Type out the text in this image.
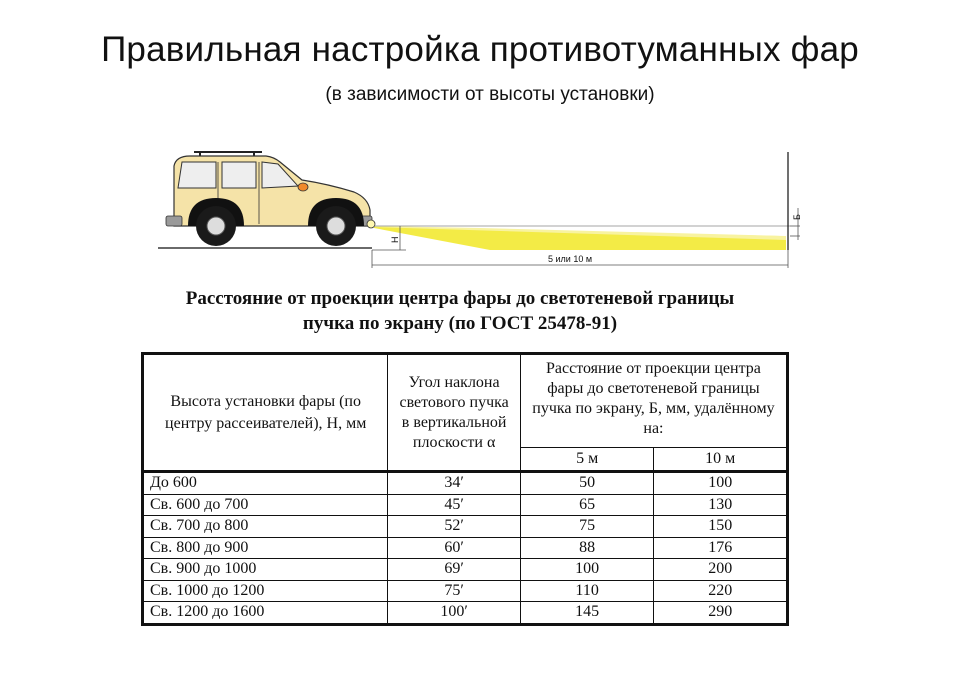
Правильная настройка противотуманных фар
(в зависимости от высоты установки)
Б
Н
5 или 10 м
Расстояние от проекции центра фары до светотеневой границы
пучка по экрану (по ГОСТ 25478-91)
Высота установки фары (по центру рассеивателей), Н, мм	Угол наклона светового пучка в вертикальной плоскости α	Расстояние от проекции центра фары до светотеневой границы пучка по экрану, Б, мм, удалённому на:	
		5 м	10 м
До 600	34′	50	100
Св. 600 до 700	45′	65	130
Св. 700 до 800	52′	75	150
Св. 800 до 900	60′	88	176
Св. 900 до 1000	69′	100	200
Св. 1000 до 1200	75′	110	220
Св. 1200 до 1600	100′	145	290
